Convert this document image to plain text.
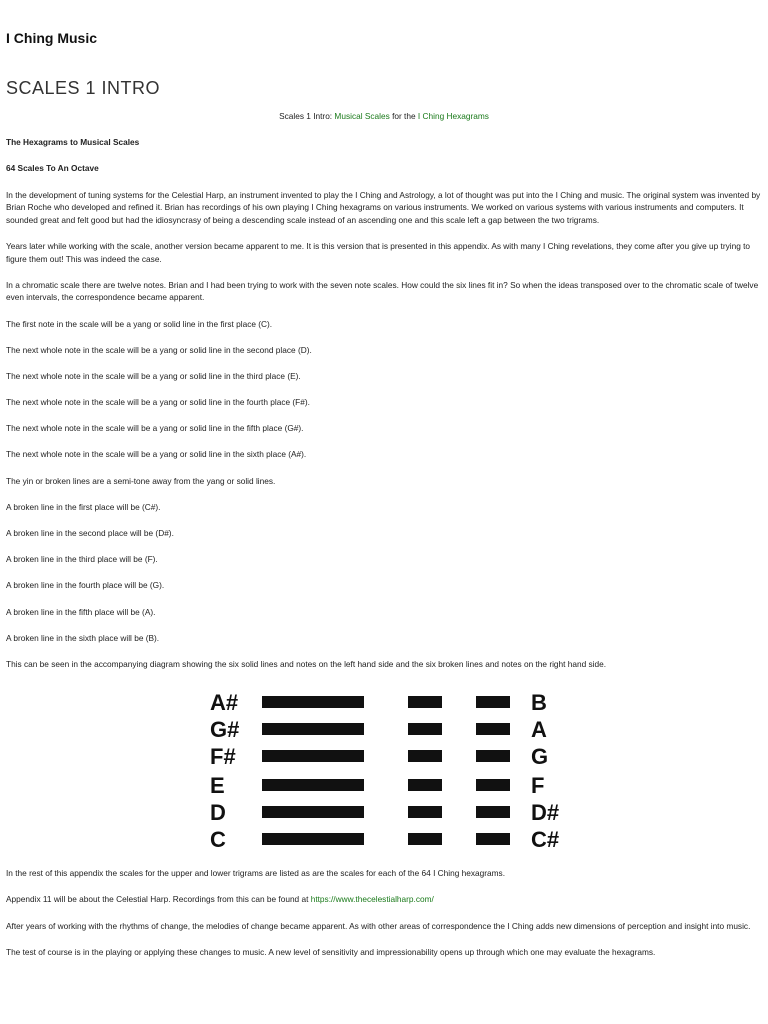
I Ching Music
SCALES 1 INTRO

Scales 1 Intro: Musical Scales for the I Ching Hexagrams

The Hexagrams to Musical Scales

64 Scales To An Octave

In the development of tuning systems for the Celestial Harp, an instrument invented to play the I Ching and Astrology, a lot of thought was put into the I Ching and music. The original system was invented by Brian Roche who developed and refined it. Brian has recordings of his own playing I Ching hexagrams on various instruments. We worked on various systems with various instruments and computers. It sounded great and felt good but had the idiosyncrasy of being a descending scale instead of an ascending one and this scale left a gap between the two trigrams.

Years later while working with the scale, another version became apparent to me. It is this version that is presented in this appendix. As with many I Ching revelations, they come after you give up trying to figure them out! This was indeed the case.

In a chromatic scale there are twelve notes. Brian and I had been trying to work with the seven note scales. How could the six lines fit in? So when the ideas transposed over to the chromatic scale of twelve even intervals, the correspondence became apparent.

The first note in the scale will be a yang or solid line in the first place (C).

The next whole note in the scale will be a yang or solid line in the second place (D).

The next whole note in the scale will be a yang or solid line in the third place (E).

The next whole note in the scale will be a yang or solid line in the fourth place (F#).

The next whole note in the scale will be a yang or solid line in the fifth place (G#).

The next whole note in the scale will be a yang or solid line in the sixth place (A#).

The yin or broken lines are a semi-tone away from the yang or solid lines.

A broken line in the first place will be (C#).

A broken line in the second place will be (D#).

A broken line in the third place will be (F).

A broken line in the fourth place will be (G).

A broken line in the fifth place will be (A).

A broken line in the sixth place will be (B).

This can be seen in the accompanying diagram showing the six solid lines and notes on the left hand side and the six broken lines and notes on the right hand side.

A#
G#
F#
E
D
C
B
A
G
F
D#
C#

In the rest of this appendix the scales for the upper and lower trigrams are listed as are the scales for each of the 64 I Ching hexagrams.

Appendix 11 will be about the Celestial Harp. Recordings from this can be found at https://www.thecelestialharp.com/

After years of working with the rhythms of change, the melodies of change became apparent. As with other areas of correspondence the I Ching adds new dimensions of perception and insight into music.

The test of course is in the playing or applying these changes to music. A new level of sensitivity and impressionability opens up through which one may evaluate the hexagrams.
